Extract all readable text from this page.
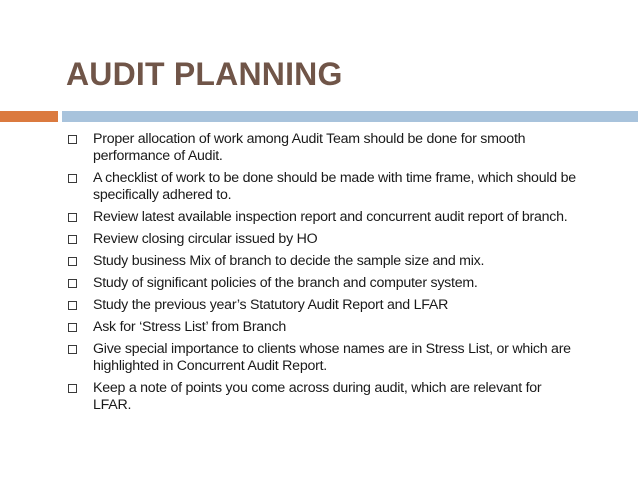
AUDIT PLANNING
Proper allocation of work among Audit Team should be done for smooth performance of Audit.
A checklist of work to be done should be made with time frame, which should be specifically adhered to.
Review latest available inspection report and concurrent audit report of branch.
Review closing circular issued by HO
Study business Mix of branch to decide the sample size and mix.
Study of significant policies of the branch and computer system.
Study the previous year’s Statutory Audit Report and LFAR
Ask for ‘Stress List’ from Branch
Give special importance to clients whose names are in Stress List, or which are highlighted in Concurrent Audit Report.
Keep a note of points you come across during audit, which are relevant for LFAR.
